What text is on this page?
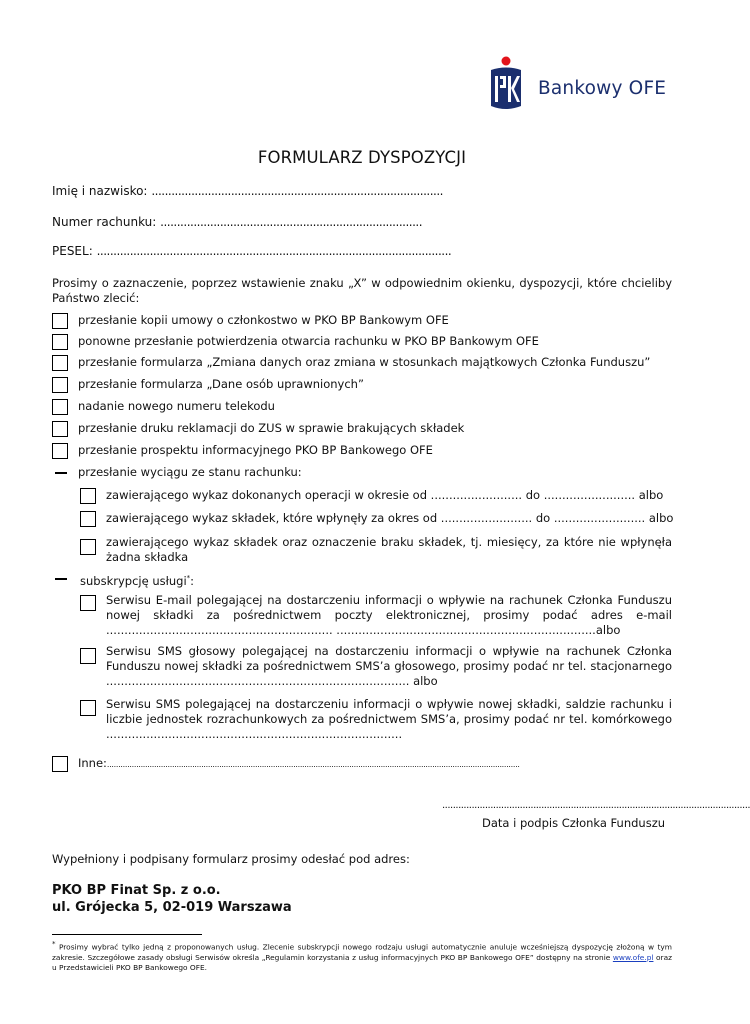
Bankowy OFE
FORMULARZ DYSPOZYCJI
Imię i nazwisko: ........................................................................................
Numer rachunku: ...............................................................................
PESEL: ...........................................................................................................
Prosimy o zaznaczenie, poprzez wstawienie znaku „X” w odpowiednim okienku, dyspozycji, które chcieliby Państwo zlecić:
przesłanie kopii umowy o członkostwo w PKO BP Bankowym OFE
ponowne przesłanie potwierdzenia otwarcia rachunku w PKO BP Bankowym OFE
przesłanie formularza „Zmiana danych oraz zmiana w stosunkach majątkowych Członka Funduszu”
przesłanie formularza „Dane osób uprawnionych”
nadanie nowego numeru telekodu
przesłanie druku reklamacji do ZUS w sprawie brakujących składek
przesłanie prospektu informacyjnego PKO BP Bankowego OFE
przesłanie wyciągu ze stanu rachunku:
zawierającego wykaz dokonanych operacji w okresie od ......................... do ......................... albo
zawierającego wykaz składek, które wpłynęły za okres od ......................... do ......................... albo
zawierającego wykaz składek oraz oznaczenie braku składek, tj. miesięcy, za które nie wpłynęła żadna składka
subskrypcję usługi*:
Serwisu E-mail polegającej na dostarczeniu informacji o wpływie na rachunek Członka Funduszu nowej składki za pośrednictwem poczty elektronicznej, prosimy podać adres e-mail .............................................................. .......................................................................albo
Serwisu SMS głosowy polegającej na dostarczeniu informacji o wpływie na rachunek Członka Funduszu nowej składki za pośrednictwem SMS’a głosowego, prosimy podać nr tel. stacjonarnego ................................................................................... albo
Serwisu SMS polegającej na dostarczeniu informacji o wpływie nowej składki, saldzie rachunku i liczbie jednostek rozrachunkowych za pośrednictwem SMS’a, prosimy podać nr tel. komórkowego .................................................................................
Inne:........................................................................................................................................................................................
...................................................................................................................
Data i podpis Członka Funduszu
Wypełniony i podpisany formularz prosimy odesłać pod adres:
PKO BP Finat Sp. z o.o.
ul. Grójecka 5, 02-019 Warszawa
* Prosimy wybrać tylko jedną z proponowanych usług. Zlecenie subskrypcji nowego rodzaju usługi automatycznie anuluje wcześniejszą dyspozycję złożoną w tym zakresie. Szczegółowe zasady obsługi Serwisów określa „Regulamin korzystania z usług informacyjnych PKO BP Bankowego OFE” dostępny na stronie www.ofe.pl oraz u Przedstawicieli PKO BP Bankowego OFE.
